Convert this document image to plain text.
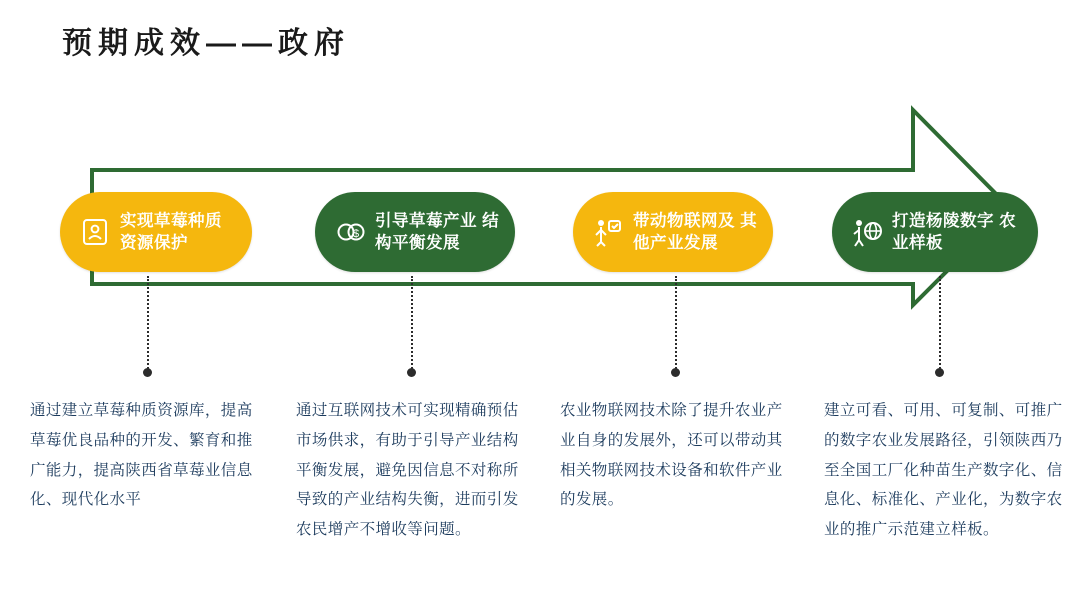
预期成效——政府
实现草莓种质 资源保护	$
引导草莓产业 结构平衡发展
带动物联网及 其他产业发展
打造杨陵数字 农业样板
通过建立草莓种质资源库，提高草莓优良品种的开发、繁育和推广能力，提高陕西省草莓业信息化、现代化水平
通过互联网技术可实现精确预估市场供求，有助于引导产业结构平衡发展，避免因信息不对称所导致的产业结构失衡，进而引发农民增产不增收等问题。
农业物联网技术除了提升农业产业自身的发展外，还可以带动其相关物联网技术设备和软件产业的发展。
建立可看、可用、可复制、可推广的数字农业发展路径，引领陕西乃至全国工厂化种苗生产数字化、信息化、标准化、产业化，为数字农业的推广示范建立样板。
